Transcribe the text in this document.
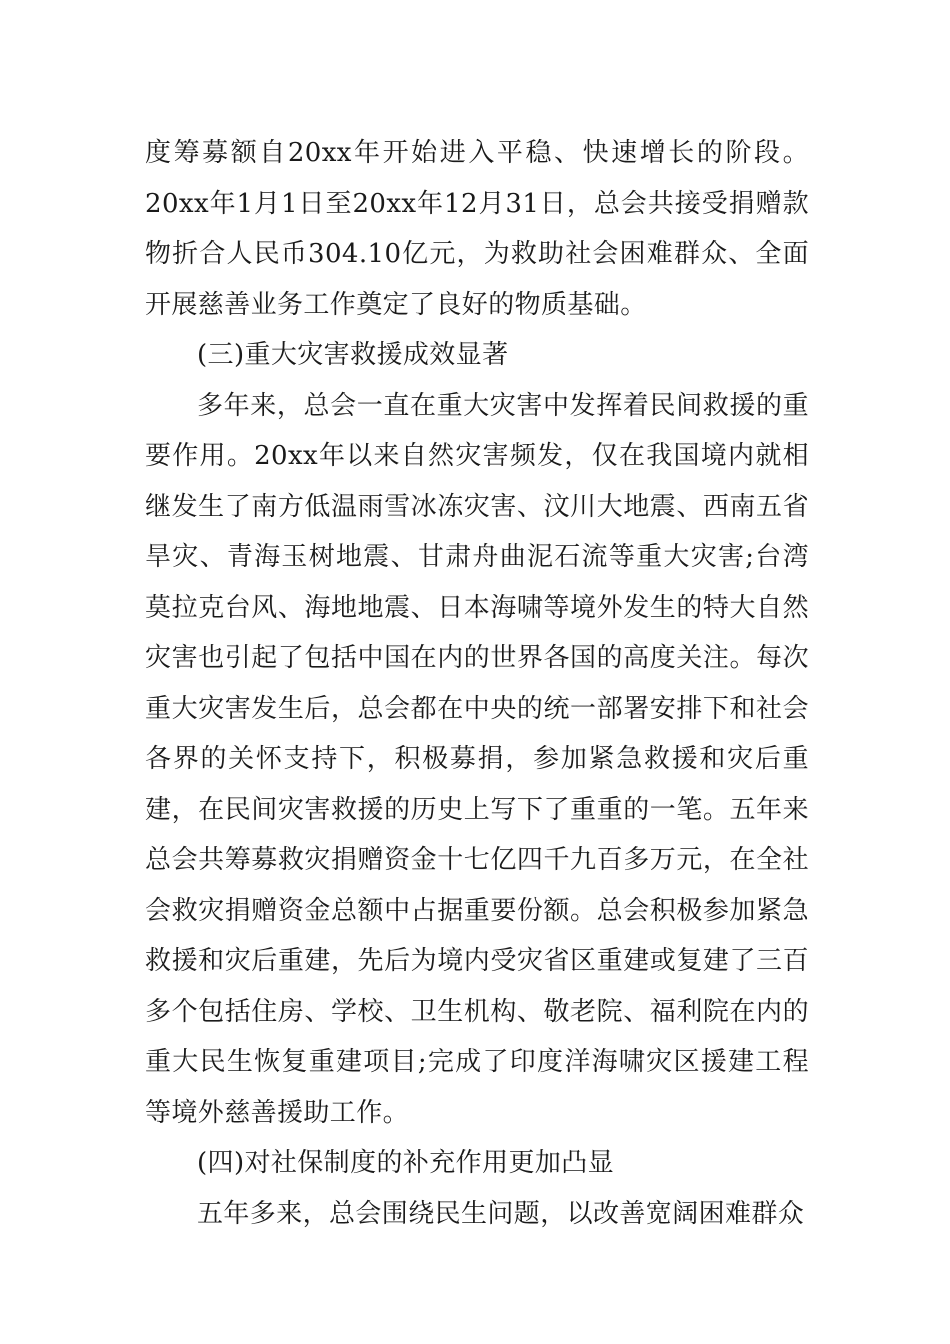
度筹募额自20xx年开始进入平稳、快速增长的阶段。20xx年1月1日至20xx年12月31日，总会共接受捐赠款物折合人民币304.10亿元，为救助社会困难群众、全面开展慈善业务工作奠定了良好的物质基础。

(三)重大灾害救援成效显著

多年来，总会一直在重大灾害中发挥着民间救援的重要作用。20xx年以来自然灾害频发，仅在我国境内就相继发生了南方低温雨雪冰冻灾害、汶川大地震、西南五省旱灾、青海玉树地震、甘肃舟曲泥石流等重大灾害;台湾莫拉克台风、海地地震、日本海啸等境外发生的特大自然灾害也引起了包括中国在内的世界各国的高度关注。每次重大灾害发生后，总会都在中央的统一部署安排下和社会各界的关怀支持下，积极募捐，参加紧急救援和灾后重建，在民间灾害救援的历史上写下了重重的一笔。五年来总会共筹募救灾捐赠资金十七亿四千九百多万元，在全社会救灾捐赠资金总额中占据重要份额。总会积极参加紧急救援和灾后重建，先后为境内受灾省区重建或复建了三百多个包括住房、学校、卫生机构、敬老院、福利院在内的重大民生恢复重建项目;完成了印度洋海啸灾区援建工程等境外慈善援助工作。

(四)对社保制度的补充作用更加凸显

五年多来，总会围绕民生问题，以改善宽阔困难群众
